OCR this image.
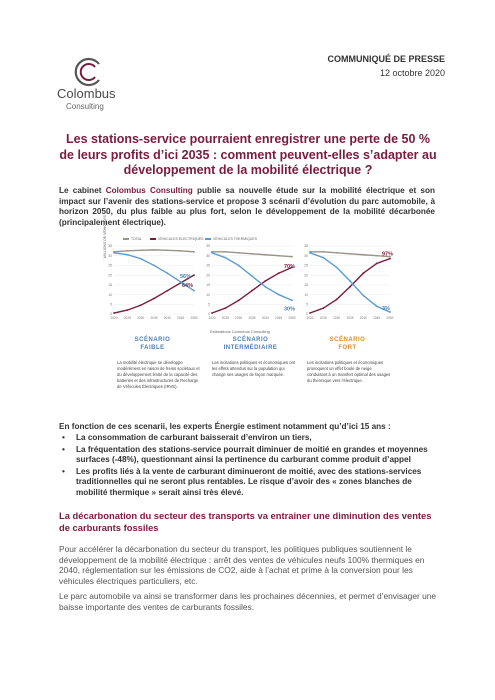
Colombus
Consulting
COMMUNIQUÉ DE PRESSE
12 octobre 2020
Les stations-service pourraient enregistrer une perte de 50 % de leurs profits d’ici 2035 : comment peuvent-elles s’adapter au développement de la mobilité électrique ?
Le cabinet Colombus Consulting publie sa nouvelle étude sur la mobilité électrique et son impact sur l’avenir des stations-service et propose 3 scénarii d’évolution du parc automobile, à horizon 2050, du plus faible au plus fort, selon le développement de la mobilité décarbonée (principalement électrique).
TOTAL	VÉHICULES ÉLECTRIQUES	VÉHICULES THERMIQUES
MILLIONS DE VÉHICULES
0
5
10
15
20
25
30
35
2020 2025 2030 2035 2040 2045 2050
56%
64%
0
5
10
15
20
25
30
35
2020 2025 2030 2035 2040 2045 2050
70%
30%
0
5
10
15
20
25
30
35
2020 2025 2030 2035 2040 2045 2050
97%
3%
Estimations Colombus Consulting
SCÉNARIO
FAIBLE
SCÉNARIO
INTERMÉDIAIRE
SCÉNARIO
FORT
La mobilité électrique se développe modérément en raison de freins sociétaux et du développement limité de la capacité des batteries et des infrastructures de Recharge de Véhicules Électriques (IRVE).
Les incitations politiques et économiques ont les effets attendus sur la population qui change ses usages de façon marquée.
Les incitations politiques et économiques provoquent un effet boule de neige conduisant à un transfert optimal des usages du thermique vers l’électrique.
En fonction de ces scenarii, les experts Énergie estiment notamment qu’d’ici 15 ans :
• La consommation de carburant baisserait d’environ un tiers,
• La fréquentation des stations-service pourrait diminuer de moitié en grandes et moyennes surfaces (-48%), questionnant ainsi la pertinence du carburant comme produit d’appel
• Les profits liés à la vente de carburant diminueront de moitié, avec des stations-services traditionnelles qui ne seront plus rentables. Le risque d’avoir des « zones blanches de mobilité thermique » serait ainsi très élevé.
La décarbonation du secteur des transports va entrainer une diminution des ventes de carburants fossiles
Pour accélérer la décarbonation du secteur du transport, les politiques publiques soutiennent le développement de la mobilité électrique : arrêt des ventes de véhicules neufs 100% thermiques en 2040, réglementation sur les émissions de CO2, aide à l’achat et prime à la conversion pour les véhicules électriques particuliers, etc.
Le parc automobile va ainsi se transformer dans les prochaines décennies, et permet d’envisager une baisse importante des ventes de carburants fossiles.
